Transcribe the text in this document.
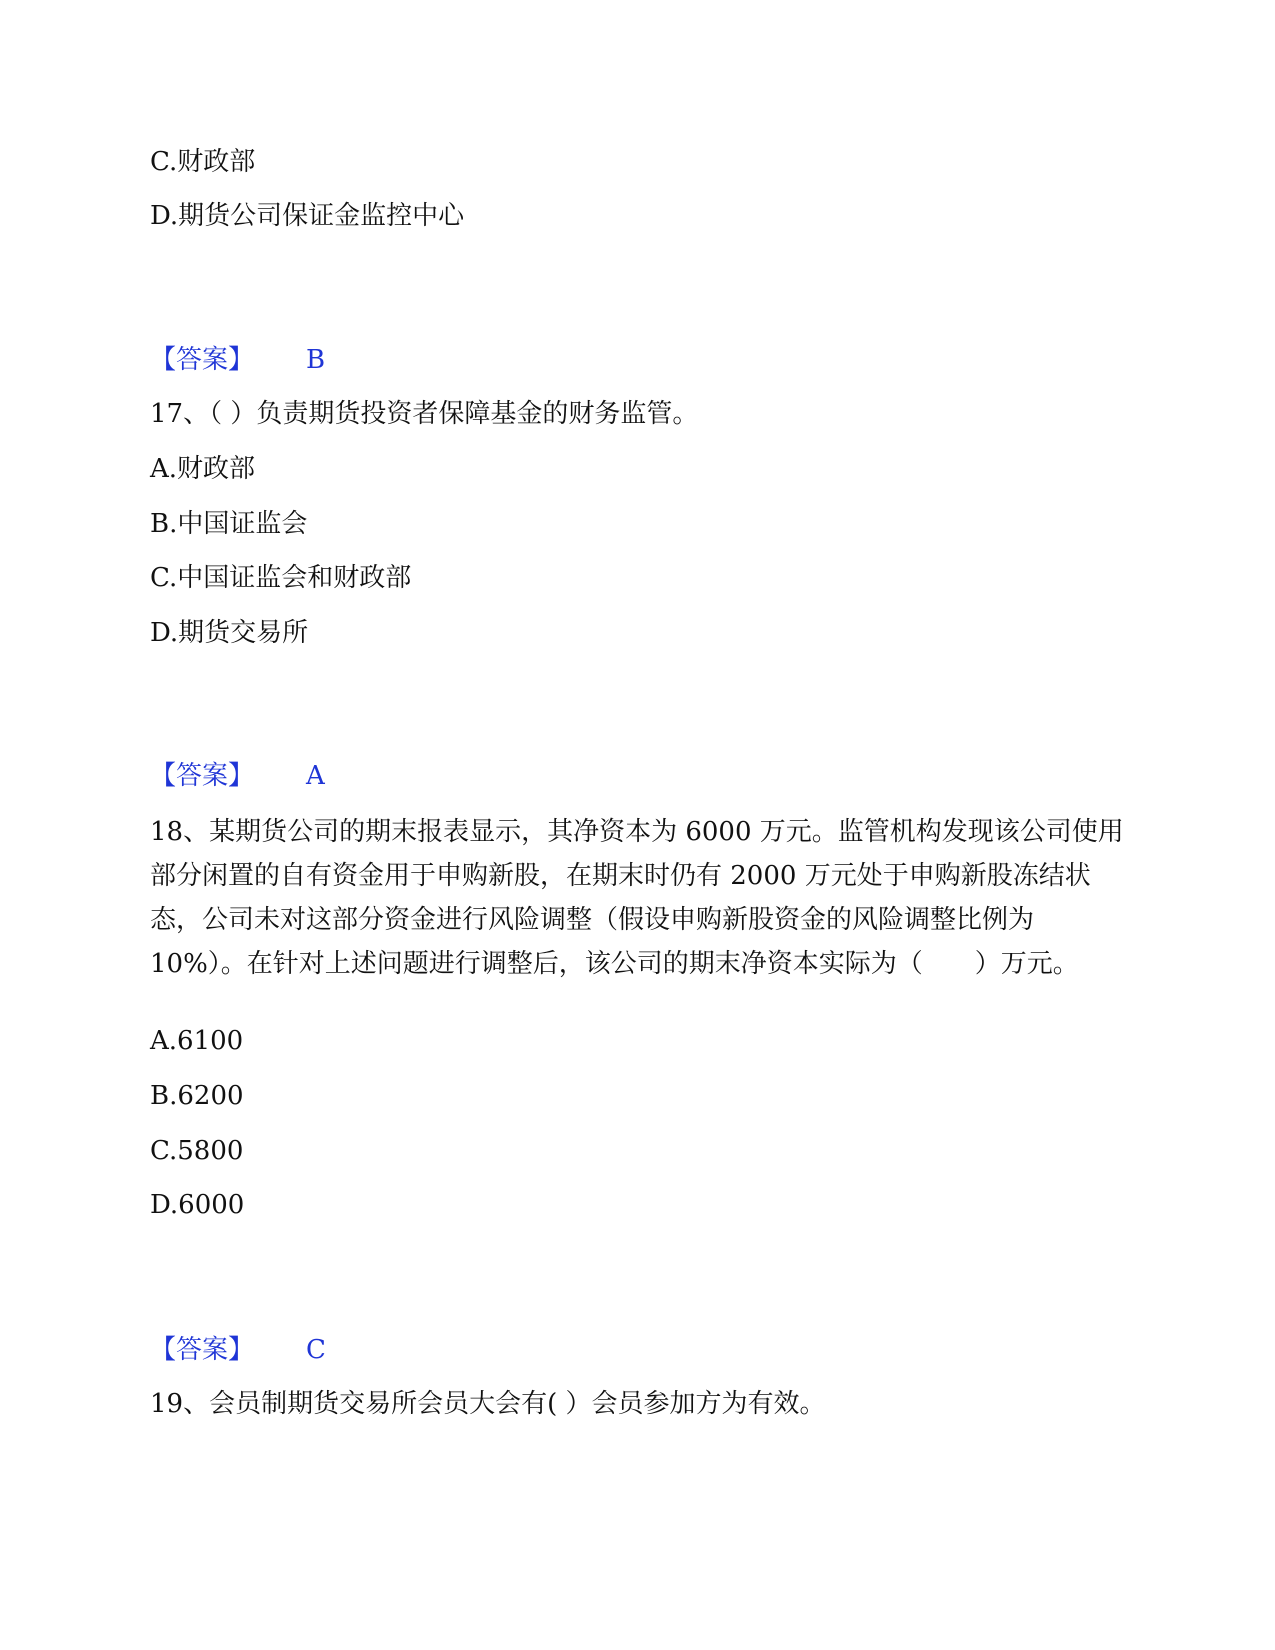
C.财政部
D.期货公司保证金监控中心
【答案】 B
17、（ ）负责期货投资者保障基金的财务监管。
A.财政部
B.中国证监会
C.中国证监会和财政部
D.期货交易所
【答案】 A

18、某期货公司的期末报表显示，其净资本为 6000 万元。监管机构发现该公司使用部分闲置的自有资金用于申购新股，在期末时仍有 2000 万元处于申购新股冻结状态，公司未对这部分资金进行风险调整（假设申购新股资金的风险调整比例为 10%）。在针对上述问题进行调整后，该公司的期末净资本实际为（　　）万元。

A.6100
B.6200
C.5800
D.6000
【答案】 C
19、会员制期货交易所会员大会有( ）会员参加方为有效。
